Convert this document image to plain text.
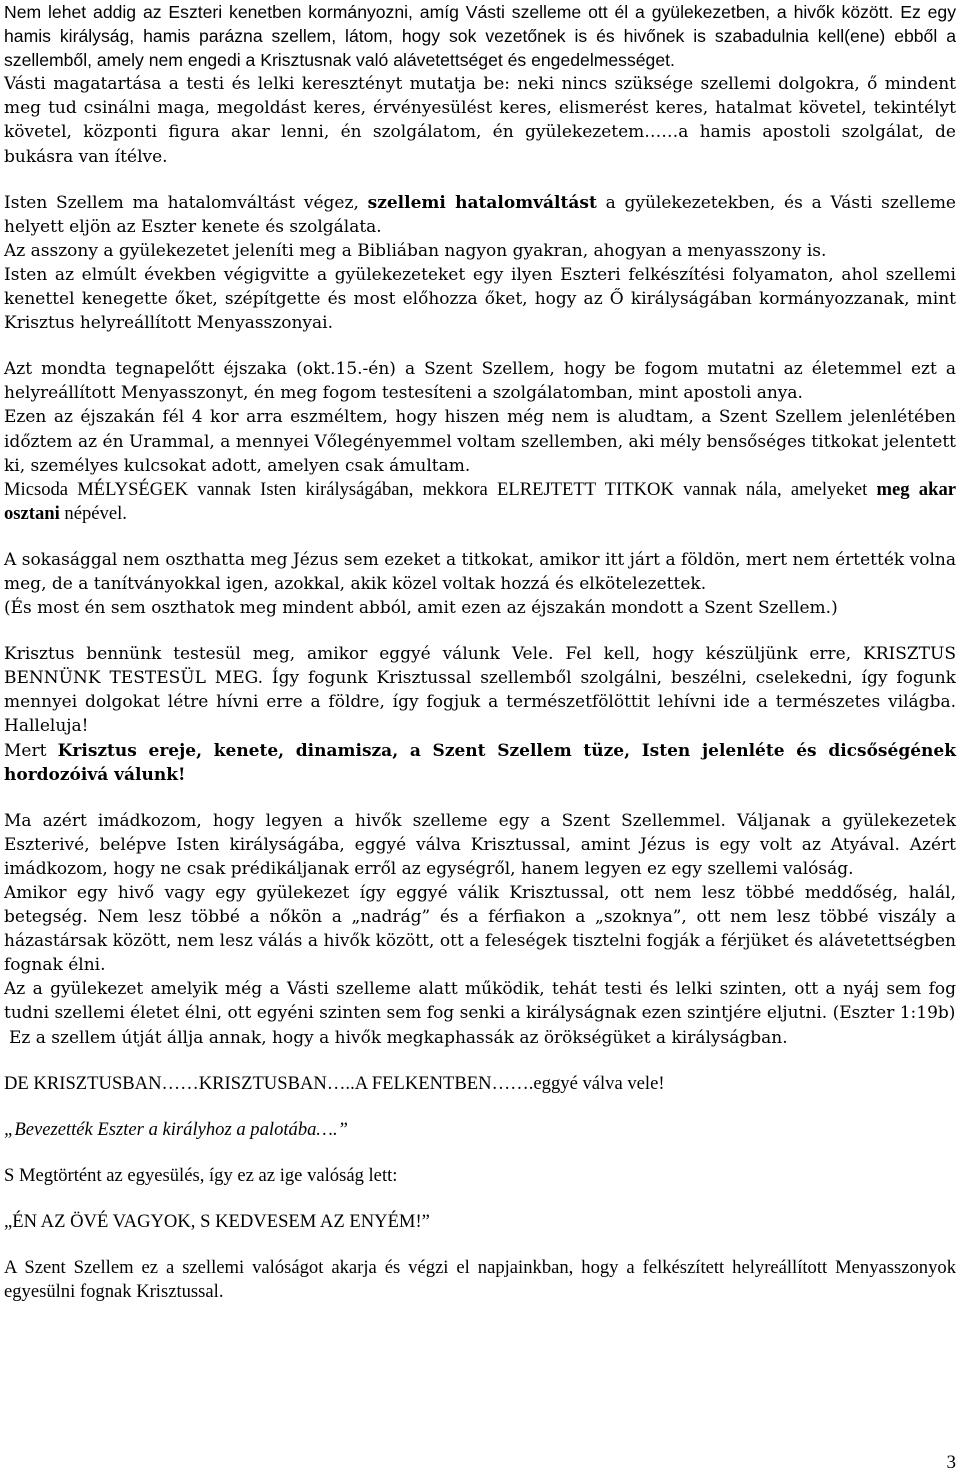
Nem lehet addig az Eszteri kenetben kormányozni, amíg Vásti szelleme ott él a gyülekezetben, a hivők között. Ez egy hamis királyság, hamis parázna szellem, látom, hogy sok vezetőnek is és hivőnek is szabadulnia kell(ene) ebből a szellemből, amely nem engedi a Krisztusnak való alávetettséget és engedelmességet.

Vásti magatartása a testi és lelki keresztényt mutatja be: neki nincs szüksége szellemi dolgokra, ő mindent meg tud csinálni maga, megoldást keres, érvényesülést keres, elismerést keres, hatalmat követel, tekintélyt követel, központi figura akar lenni, én szolgálatom, én gyülekezetem……a hamis apostoli szolgálat, de bukásra van ítélve.

Isten Szellem ma hatalomváltást végez, szellemi hatalomváltást a gyülekezetekben, és a Vásti szelleme helyett eljön az Eszter kenete és szolgálata.

Az asszony a gyülekezetet jeleníti meg a Bibliában nagyon gyakran, ahogyan a menyasszony is.

Isten az elmúlt években végigvitte a gyülekezeteket egy ilyen Eszteri felkészítési folyamaton, ahol szellemi kenettel kenegette őket, szépítgette és most előhozza őket, hogy az Ő királyságában kormányozzanak, mint Krisztus helyreállított Menyasszonyai.

Azt mondta tegnapelőtt éjszaka (okt.15.-én) a Szent Szellem, hogy be fogom mutatni az életemmel ezt a helyreállított Menyasszonyt, én meg fogom testesíteni a szolgálatomban, mint apostoli anya.

Ezen az éjszakán fél 4 kor arra eszméltem, hogy hiszen még nem is aludtam, a Szent Szellem jelenlétében időztem az én Urammal, a mennyei Vőlegényemmel voltam szellemben, aki mély bensőséges titkokat jelentett ki, személyes kulcsokat adott, amelyen csak ámultam.

Micsoda MÉLYSÉGEK vannak Isten királyságában, mekkora ELREJTETT TITKOK vannak nála, amelyeket meg akar osztani népével.

A sokasággal nem oszthatta meg Jézus sem ezeket a titkokat, amikor itt járt a földön, mert nem értették volna meg, de a tanítványokkal igen, azokkal, akik közel voltak hozzá és elkötelezettek.

(És most én sem oszthatok meg mindent abból, amit ezen az éjszakán mondott a Szent Szellem.)

Krisztus bennünk testesül meg, amikor eggyé válunk Vele. Fel kell, hogy készüljünk erre, KRISZTUS BENNÜNK TESTESÜL MEG. Így fogunk Krisztussal szellemből szolgálni, beszélni, cselekedni, így fogunk mennyei dolgokat létre hívni erre a földre, így fogjuk a természetfölöttit lehívni ide a természetes világba. Halleluja!

Mert Krisztus ereje, kenete, dinamisza, a Szent Szellem tüze, Isten jelenléte és dicsőségének hordozóivá válunk!

Ma azért imádkozom, hogy legyen a hivők szelleme egy a Szent Szellemmel. Váljanak a gyülekezetek Eszterivé, belépve Isten királyságába, eggyé válva Krisztussal, amint Jézus is egy volt az Atyával. Azért imádkozom, hogy ne csak prédikáljanak erről az egységről, hanem legyen ez egy szellemi valóság.

Amikor egy hivő vagy egy gyülekezet így eggyé válik Krisztussal, ott nem lesz többé meddőség, halál, betegség. Nem lesz többé a nőkön a „nadrág” és a férfiakon a „szoknya”, ott nem lesz többé viszály a házastársak között, nem lesz válás a hivők között, ott a feleségek tisztelni fogják a férjüket és alávetettségben fognak élni.

Az a gyülekezet amelyik még a Vásti szelleme alatt működik, tehát testi és lelki szinten, ott a nyáj sem fog tudni szellemi életet élni, ott egyéni szinten sem fog senki a királyságnak ezen szintjére eljutni. (Eszter 1:19b)

Ez a szellem útját állja annak, hogy a hivők megkaphassák az örökségüket a királyságban.

DE KRISZTUSBAN……KRISZTUSBAN…..A FELKENTBEN…….eggyé válva vele!

„Bevezették Eszter a királyhoz a palotába….”

S Megtörtént az egyesülés, így ez az ige valóság lett:

„ÉN AZ ÖVÉ VAGYOK, S KEDVESEM AZ ENYÉM!”

A Szent Szellem ez a szellemi valóságot akarja és végzi el napjainkban, hogy a felkészített helyreállított Menyasszonyok egyesülni fognak Krisztussal.

3
